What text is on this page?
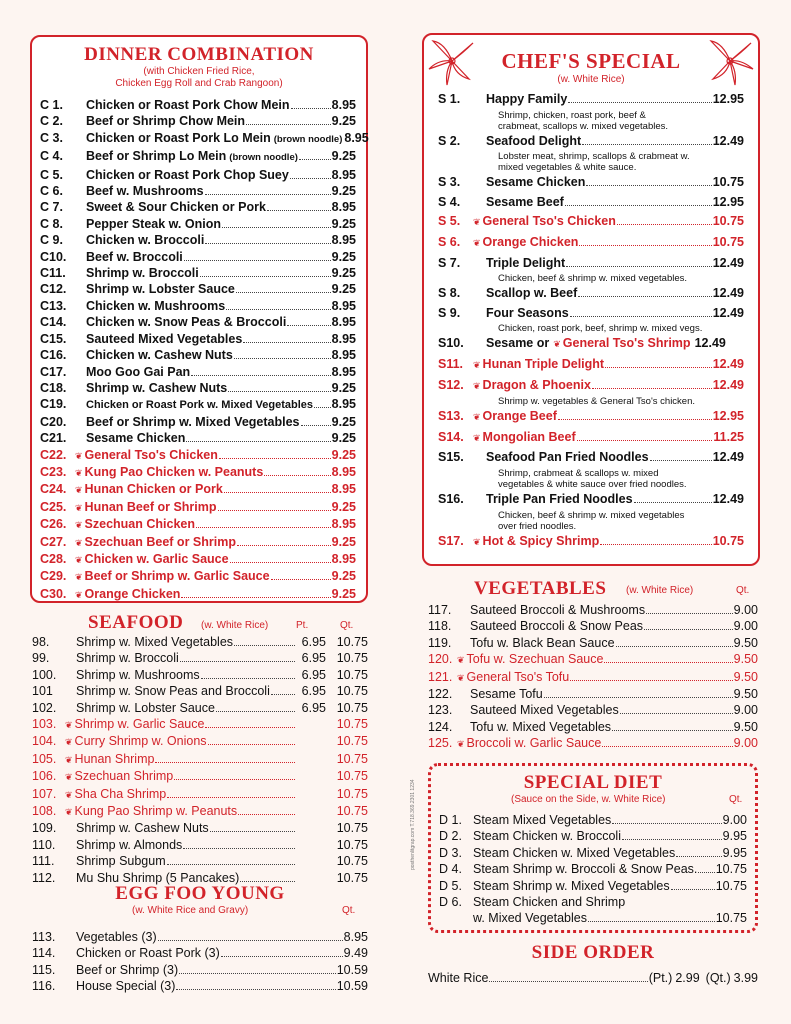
DINNER COMBINATION
(with Chicken Fried Rice,
Chicken Egg Roll and Crab Rangoon)
C 1.	Chicken or Roast Pork Chow Mein	8.95
C 2.	Beef or Shrimp Chow Mein	9.25
C 3.	Chicken or Roast Pork Lo Mein (brown noodle) 8.95
C 4.	Beef or Shrimp Lo Mein (brown noodle)	9.25
C 5.	Chicken or Roast Pork Chop Suey	8.95
C 6.	Beef w. Mushrooms	9.25
C 7.	Sweet & Sour Chicken or Pork	8.95
C 8.	Pepper Steak w. Onion	9.25
C 9.	Chicken w. Broccoli	8.95
C10.	Beef w. Broccoli	9.25
C11.	Shrimp w. Broccoli	9.25
C12.	Shrimp w. Lobster Sauce	9.25
C13.	Chicken w. Mushrooms	8.95
C14.	Chicken w. Snow Peas & Broccoli	8.95
C15.	Sauteed Mixed Vegetables	8.95
C16.	Chicken w. Cashew Nuts	8.95
C17.	Moo Goo Gai Pan	8.95
C18.	Shrimp w. Cashew Nuts	9.25
C19.	Chicken or Roast Pork w. Mixed Vegetables 8.95
C20.	Beef or Shrimp w. Mixed Vegetables	9.25
C21.	Sesame Chicken	9.25
C22. ❦ General Tso's Chicken	9.25
C23. ❦ Kung Pao Chicken w. Peanuts	8.95
C24. ❦ Hunan Chicken or Pork	8.95
C25. ❦ Hunan Beef or Shrimp	9.25
C26. ❦ Szechuan Chicken	8.95
C27. ❦ Szechuan Beef or Shrimp	9.25
C28. ❦ Chicken w. Garlic Sauce	8.95
C29. ❦ Beef or Shrimp w. Garlic Sauce	9.25
C30. ❦ Orange Chicken	9.25
SEAFOOD (w. White Rice)	Pt.	Qt.
98.	Shrimp w. Mixed Vegetables	6.95 10.75
99.	Shrimp w. Broccoli	6.95 10.75
100.	Shrimp w. Mushrooms	6.95 10.75
101	Shrimp w. Snow Peas and Broccoli	6.95 10.75
102.	Shrimp w. Lobster Sauce	6.95 10.75
103. ❦ Shrimp w. Garlic Sauce	10.75
104. ❦ Curry Shrimp w. Onions	10.75
105. ❦ Hunan Shrimp	10.75
106. ❦ Szechuan Shrimp	10.75
107. ❦ Sha Cha Shrimp	10.75
108. ❦ Kung Pao Shrimp w. Peanuts	10.75
109.	Shrimp w. Cashew Nuts	10.75
110.	Shrimp w. Almonds	10.75
111.	Shrimp Subgum	10.75
112.	Mu Shu Shrimp (5 Pancakes)	10.75
EGG FOO YOUNG
(w. White Rice and Gravy)	Qt.
113.	Vegetables (3)	8.95
114.	Chicken or Roast Pork (3)	9.49
115.	Beef or Shrimp (3)	10.59
116.	House Special (3)	10.59
CHEF'S SPECIAL
(w. White Rice)
S 1.	Happy Family	12.95
Shrimp, chicken, roast pork, beef &
crabmeat, scallops w. mixed vegetables.
S 2.	Seafood Delight	12.49
Lobster meat, shrimp, scallops & crabmeat w.
mixed vegetables & white sauce.
S 3.	Sesame Chicken	10.75
S 4.	Sesame Beef	12.95
S 5.	❦ General Tso's Chicken	10.75
S 6.	❦ Orange Chicken	10.75
S 7.	Triple Delight	12.49
Chicken, beef & shrimp w. mixed vegetables.
S 8.	Scallop w. Beef	12.49
S 9.	Four Seasons	12.49
Chicken, roast pork, beef, shrimp w. mixed vegs.
S10.	Sesame or ❦ General Tso's Shrimp 12.49
S11.	❦ Hunan Triple Delight	12.49
S12.	❦ Dragon & Phoenix	12.49
Shrimp w. vegetables & General Tso's chicken.
S13.	❦ Orange Beef	12.95
S14.	❦ Mongolian Beef	11.25
S15.	Seafood Pan Fried Noodles	12.49
Shrimp, crabmeat & scallops w. mixed
vegetables & white sauce over fried noodles.
S16.	Triple Pan Fried Noodles	12.49
Chicken, beef & shrimp w. mixed vegetables
over fried noodles.
S17.	❦ Hot & Spicy Shrimp	10.75
VEGETABLES (w. White Rice)	Qt.
117.	Sauteed Broccoli & Mushrooms	9.00
118.	Sauteed Broccoli & Snow Peas	9.00
119.	Tofu w. Black Bean Sauce	9.50
120. ❦ Tofu w. Szechuan Sauce	9.50
121. ❦ General Tso's Tofu	9.50
122.	Sesame Tofu	9.50
123.	Sauteed Mixed Vegetables	9.00
124.	Tofu w. Mixed Vegetables	9.50
125. ❦ Broccoli w. Garlic Sauce	9.00
SPECIAL DIET
(Sauce on the Side, w. White Rice)	Qt.
D 1. Steam Mixed Vegetables	9.00
D 2. Steam Chicken w. Broccoli	9.95
D 3. Steam Chicken w. Mixed Vegetables	9.95
D 4. Steam Shrimp w. Broccoli & Snow Peas. 10.75
D 5. Steam Shrimp w. Mixed Vegetables	10.75
D 6. Steam Chicken and Shrimp
w. Mixed Vegetables	10.75
SIDE ORDER
White Rice	(Pt.) 2.99 (Qt.) 3.99
posthenlitgrap.com T.718.369.2301 1234
